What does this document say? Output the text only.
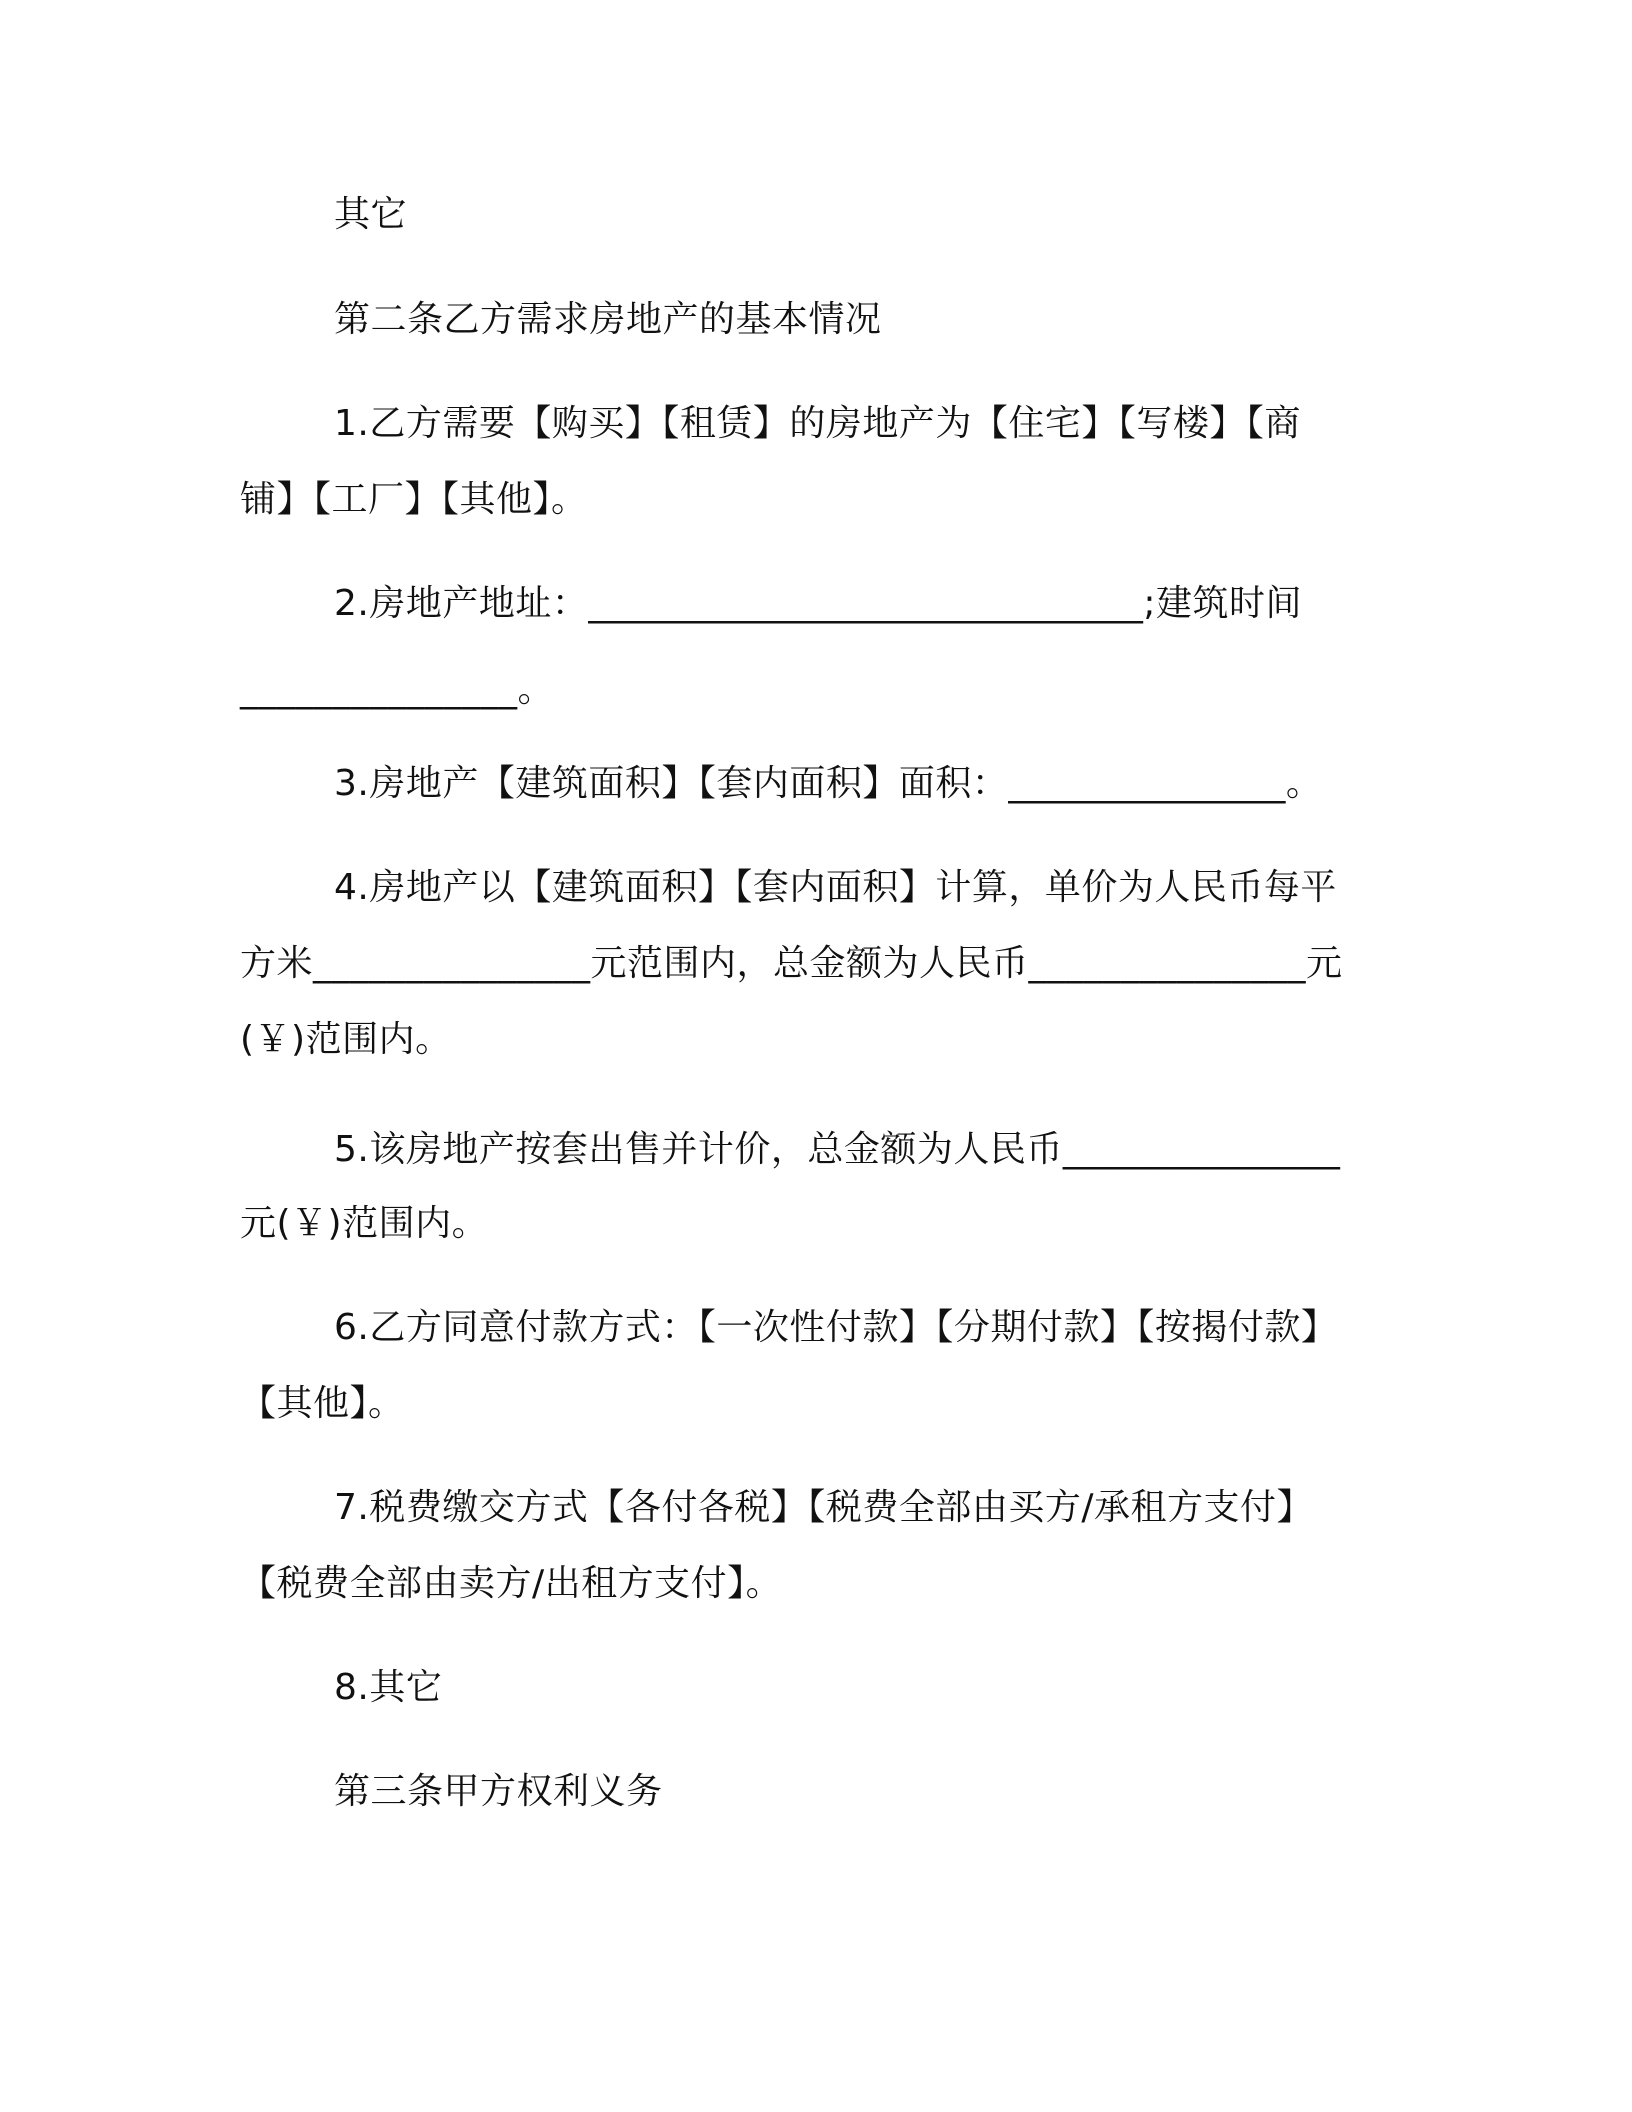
其它
第二条乙方需求房地产的基本情况
1.乙方需要【购买】【租赁】的房地产为【住宅】【写楼】【商
铺】【工厂】【其他】。
2.房地产地址：______________________________;建筑时间
_______________。
3.房地产【建筑面积】【套内面积】面积：_______________。
4.房地产以【建筑面积】【套内面积】计算，单价为人民币每平
方米_______________元范围内，总金额为人民币_______________元
(￥)范围内。
5.该房地产按套出售并计价，总金额为人民币_______________
元(￥)范围内。
6.乙方同意付款方式：【一次性付款】【分期付款】【按揭付款】
【其他】。
7.税费缴交方式【各付各税】【税费全部由买方/承租方支付】
【税费全部由卖方/出租方支付】。
8.其它
第三条甲方权利义务
